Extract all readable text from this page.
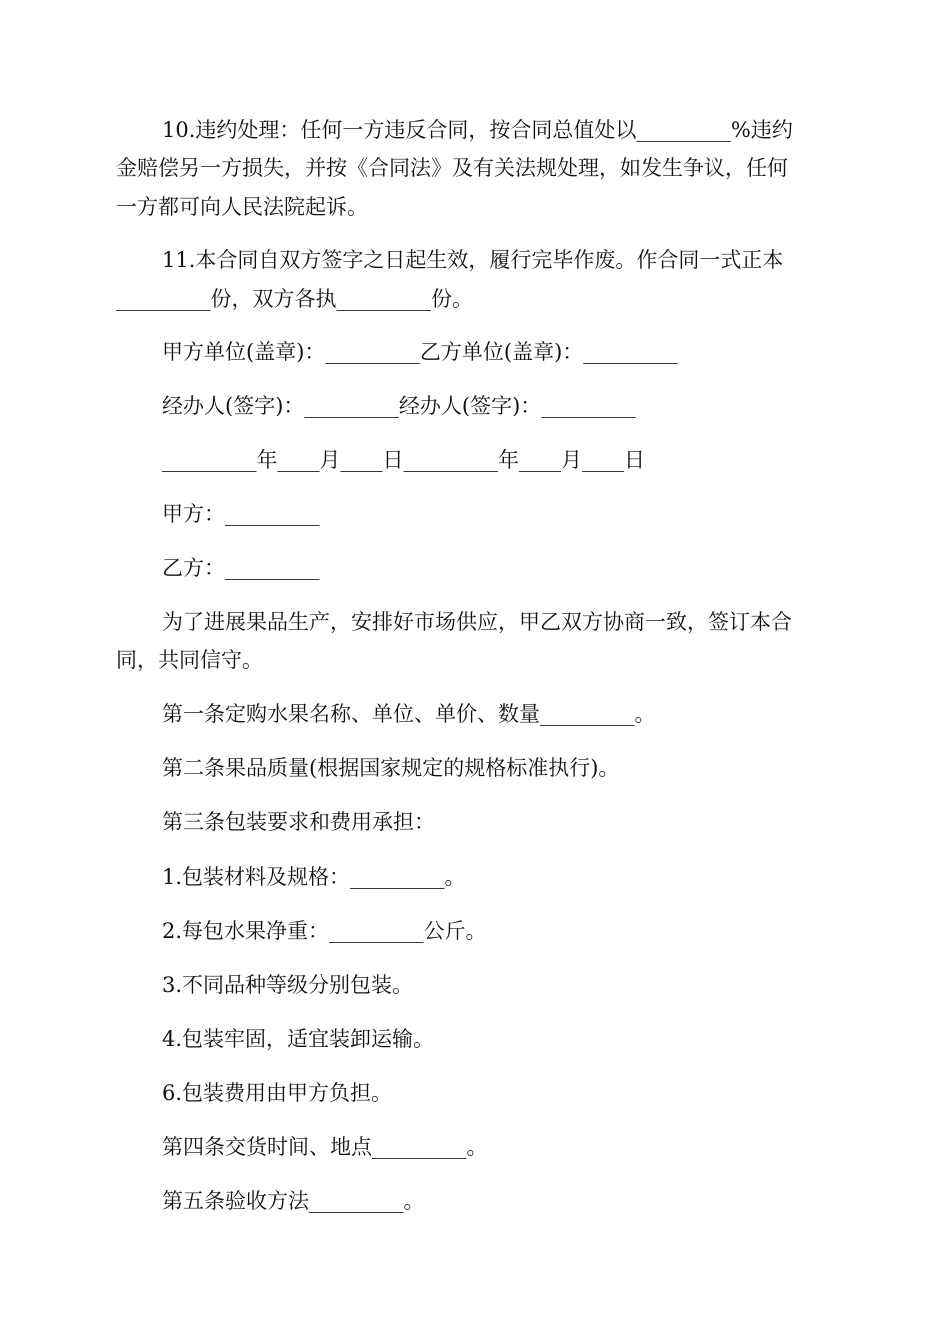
10.违约处理：任何一方违反合同，按合同总值处以_________%违约
金赔偿另一方损失，并按《合同法》及有关法规处理，如发生争议，任何
一方都可向人民法院起诉。
11.本合同自双方签字之日起生效，履行完毕作废。作合同一式正本
_________份，双方各执_________份。
甲方单位(盖章)：_________乙方单位(盖章)：_________
经办人(签字)：_________经办人(签字)：_________
_________年____月____日_________年____月____日
甲方：_________
乙方：_________
为了进展果品生产，安排好市场供应，甲乙双方协商一致，签订本合
同，共同信守。
第一条定购水果名称、单位、单价、数量_________。
第二条果品质量(根据国家规定的规格标准执行)。
第三条包装要求和费用承担：
1.包装材料及规格：_________。
2.每包水果净重：_________公斤。
3.不同品种等级分别包装。
4.包装牢固，适宜装卸运输。
6.包装费用由甲方负担。
第四条交货时间、地点_________。
第五条验收方法_________。
